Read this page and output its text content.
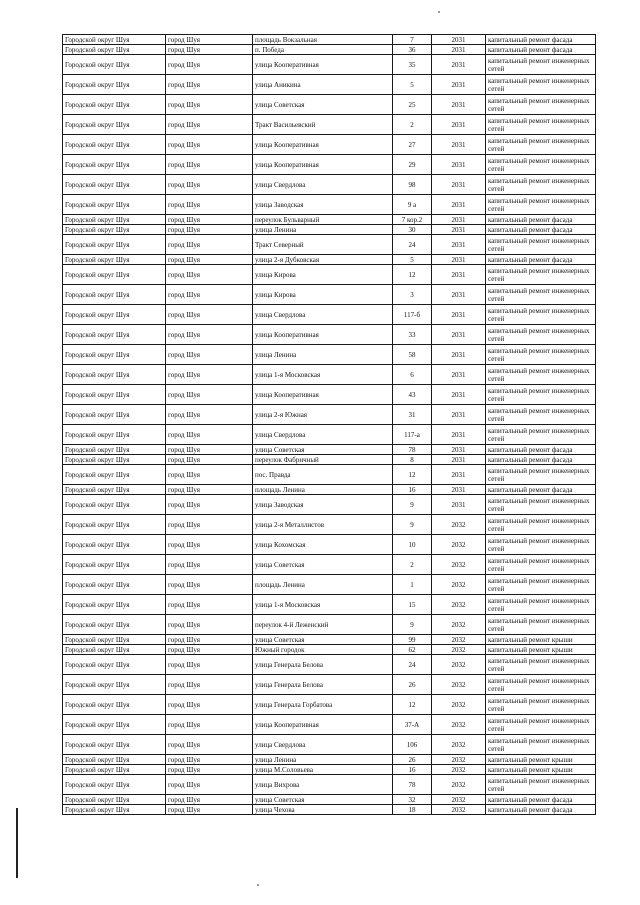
Городской округ Шуя	город Шуя	площадь Вокзальная	7	2031	капитальный ремонт фасада
Городской округ Шуя	город Шуя	п. Победа	36	2031	капитальный ремонт фасада
Городской округ Шуя	город Шуя	улица Кооперативная	35	2031	капитальный ремонт инженерных сетей
Городской округ Шуя	город Шуя	улица Аникина	5	2031	капитальный ремонт инженерных сетей
Городской округ Шуя	город Шуя	улица Советская	25	2031	капитальный ремонт инженерных сетей
Городской округ Шуя	город Шуя	Тракт Васильевский	2	2031	капитальный ремонт инженерных сетей
Городской округ Шуя	город Шуя	улица Кооперативная	27	2031	капитальный ремонт инженерных сетей
Городской округ Шуя	город Шуя	улица Кооперативная	29	2031	капитальный ремонт инженерных сетей
Городской округ Шуя	город Шуя	улица Свердлова	98	2031	капитальный ремонт инженерных сетей
Городской округ Шуя	город Шуя	улица Заводская	9 а	2031	капитальный ремонт инженерных сетей
Городской округ Шуя	город Шуя	переулок Бульварный	7 кор.2	2031	капитальный ремонт фасада
Городской округ Шуя	город Шуя	улица Ленина	30	2031	капитальный ремонт фасада
Городской округ Шуя	город Шуя	Тракт Северный	24	2031	капитальный ремонт инженерных сетей
Городской округ Шуя	город Шуя	улица 2-я Дубковская	5	2031	капитальный ремонт фасада
Городской округ Шуя	город Шуя	улица Кирова	12	2031	капитальный ремонт инженерных сетей
Городской округ Шуя	город Шуя	улица Кирова	3	2031	капитальный ремонт инженерных сетей
Городской округ Шуя	город Шуя	улица Свердлова	117-б	2031	капитальный ремонт инженерных сетей
Городской округ Шуя	город Шуя	улица Кооперативная	33	2031	капитальный ремонт инженерных сетей
Городской округ Шуя	город Шуя	улица Ленина	58	2031	капитальный ремонт инженерных сетей
Городской округ Шуя	город Шуя	улица 1-я Московская	6	2031	капитальный ремонт инженерных сетей
Городской округ Шуя	город Шуя	улица Кооперативная	43	2031	капитальный ремонт инженерных сетей
Городской округ Шуя	город Шуя	улица 2-я Южная	31	2031	капитальный ремонт инженерных сетей
Городской округ Шуя	город Шуя	улица Свердлова	117-а	2031	капитальный ремонт инженерных сетей
Городской округ Шуя	город Шуя	улица Советская	78	2031	капитальный ремонт фасада
Городской округ Шуя	город Шуя	переулок Фабричный	8	2031	капитальный ремонт фасада
Городской округ Шуя	город Шуя	пос. Правда	12	2031	капитальный ремонт инженерных сетей
Городской округ Шуя	город Шуя	площадь Ленина	16	2031	капитальный ремонт фасада
Городской округ Шуя	город Шуя	улица Заводская	9	2031	капитальный ремонт инженерных сетей
Городской округ Шуя	город Шуя	улица 2-я Металлистов	9	2032	капитальный ремонт инженерных сетей
Городской округ Шуя	город Шуя	улица Кохомская	10	2032	капитальный ремонт инженерных сетей
Городской округ Шуя	город Шуя	улица Советская	2	2032	капитальный ремонт инженерных сетей
Городской округ Шуя	город Шуя	площадь Ленина	1	2032	капитальный ремонт инженерных сетей
Городской округ Шуя	город Шуя	улица 1-я Московская	15	2032	капитальный ремонт инженерных сетей
Городской округ Шуя	город Шуя	переулок 4-й Леженский	9	2032	капитальный ремонт инженерных сетей
Городской округ Шуя	город Шуя	улица Советская	99	2032	капитальный ремонт крыши
Городской округ Шуя	город Шуя	Южный городок	62	2032	капитальный ремонт крыши
Городской округ Шуя	город Шуя	улица Генерала Белова	24	2032	капитальный ремонт инженерных сетей
Городской округ Шуя	город Шуя	улица Генерала Белова	26	2032	капитальный ремонт инженерных сетей
Городской округ Шуя	город Шуя	улица Генерала Горбатова	12	2032	капитальный ремонт инженерных сетей
Городской округ Шуя	город Шуя	улица Кооперативная	37-А	2032	капитальный ремонт инженерных сетей
Городской округ Шуя	город Шуя	улица Свердлова	106	2032	капитальный ремонт инженерных сетей
Городской округ Шуя	город Шуя	улица Ленина	26	2032	капитальный ремонт крыши
Городской округ Шуя	город Шуя	улица М.Соловьева	16	2032	капитальный ремонт крыши
Городской округ Шуя	город Шуя	улица Вихрова	78	2032	капитальный ремонт инженерных сетей
Городской округ Шуя	город Шуя	улица Советская	32	2032	капитальный ремонт фасада
Городской округ Шуя	город Шуя	улица Чехова	18	2032	капитальный ремонт фасада
